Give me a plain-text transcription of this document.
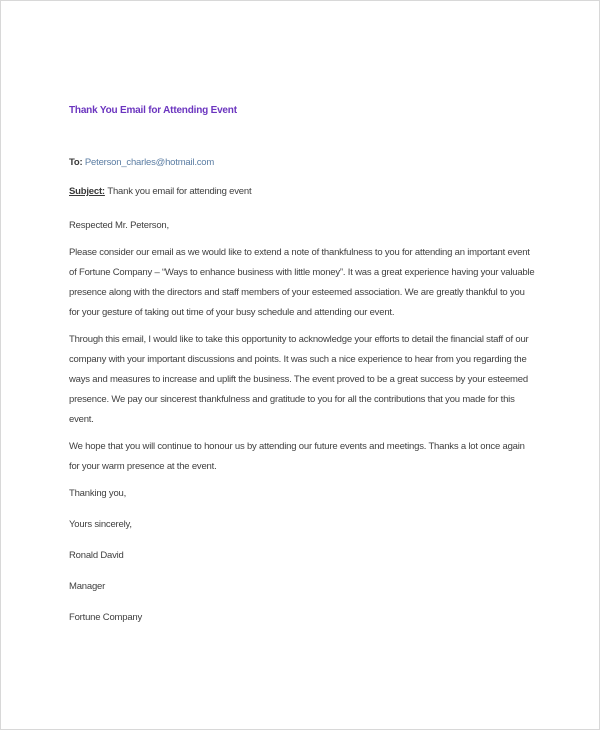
Thank You Email for Attending Event

To: Peterson_charles@hotmail.com

Subject: Thank you email for attending event

Respected Mr. Peterson,

Please consider our email as we would like to extend a note of thankfulness to you for attending an important event of Fortune Company – “Ways to enhance business with little money”. It was a great experience having your valuable presence along with the directors and staff members of your esteemed association. We are greatly thankful to you for your gesture of taking out time of your busy schedule and attending our event.

Through this email, I would like to take this opportunity to acknowledge your efforts to detail the financial staff of our company with your important discussions and points. It was such a nice experience to hear from you regarding the ways and measures to increase and uplift the business. The event proved to be a great success by your esteemed presence. We pay our sincerest thankfulness and gratitude to you for all the contributions that you made for this event.

We hope that you will continue to honour us by attending our future events and meetings. Thanks a lot once again for your warm presence at the event.

Thanking you,

Yours sincerely,

Ronald David

Manager

Fortune Company
